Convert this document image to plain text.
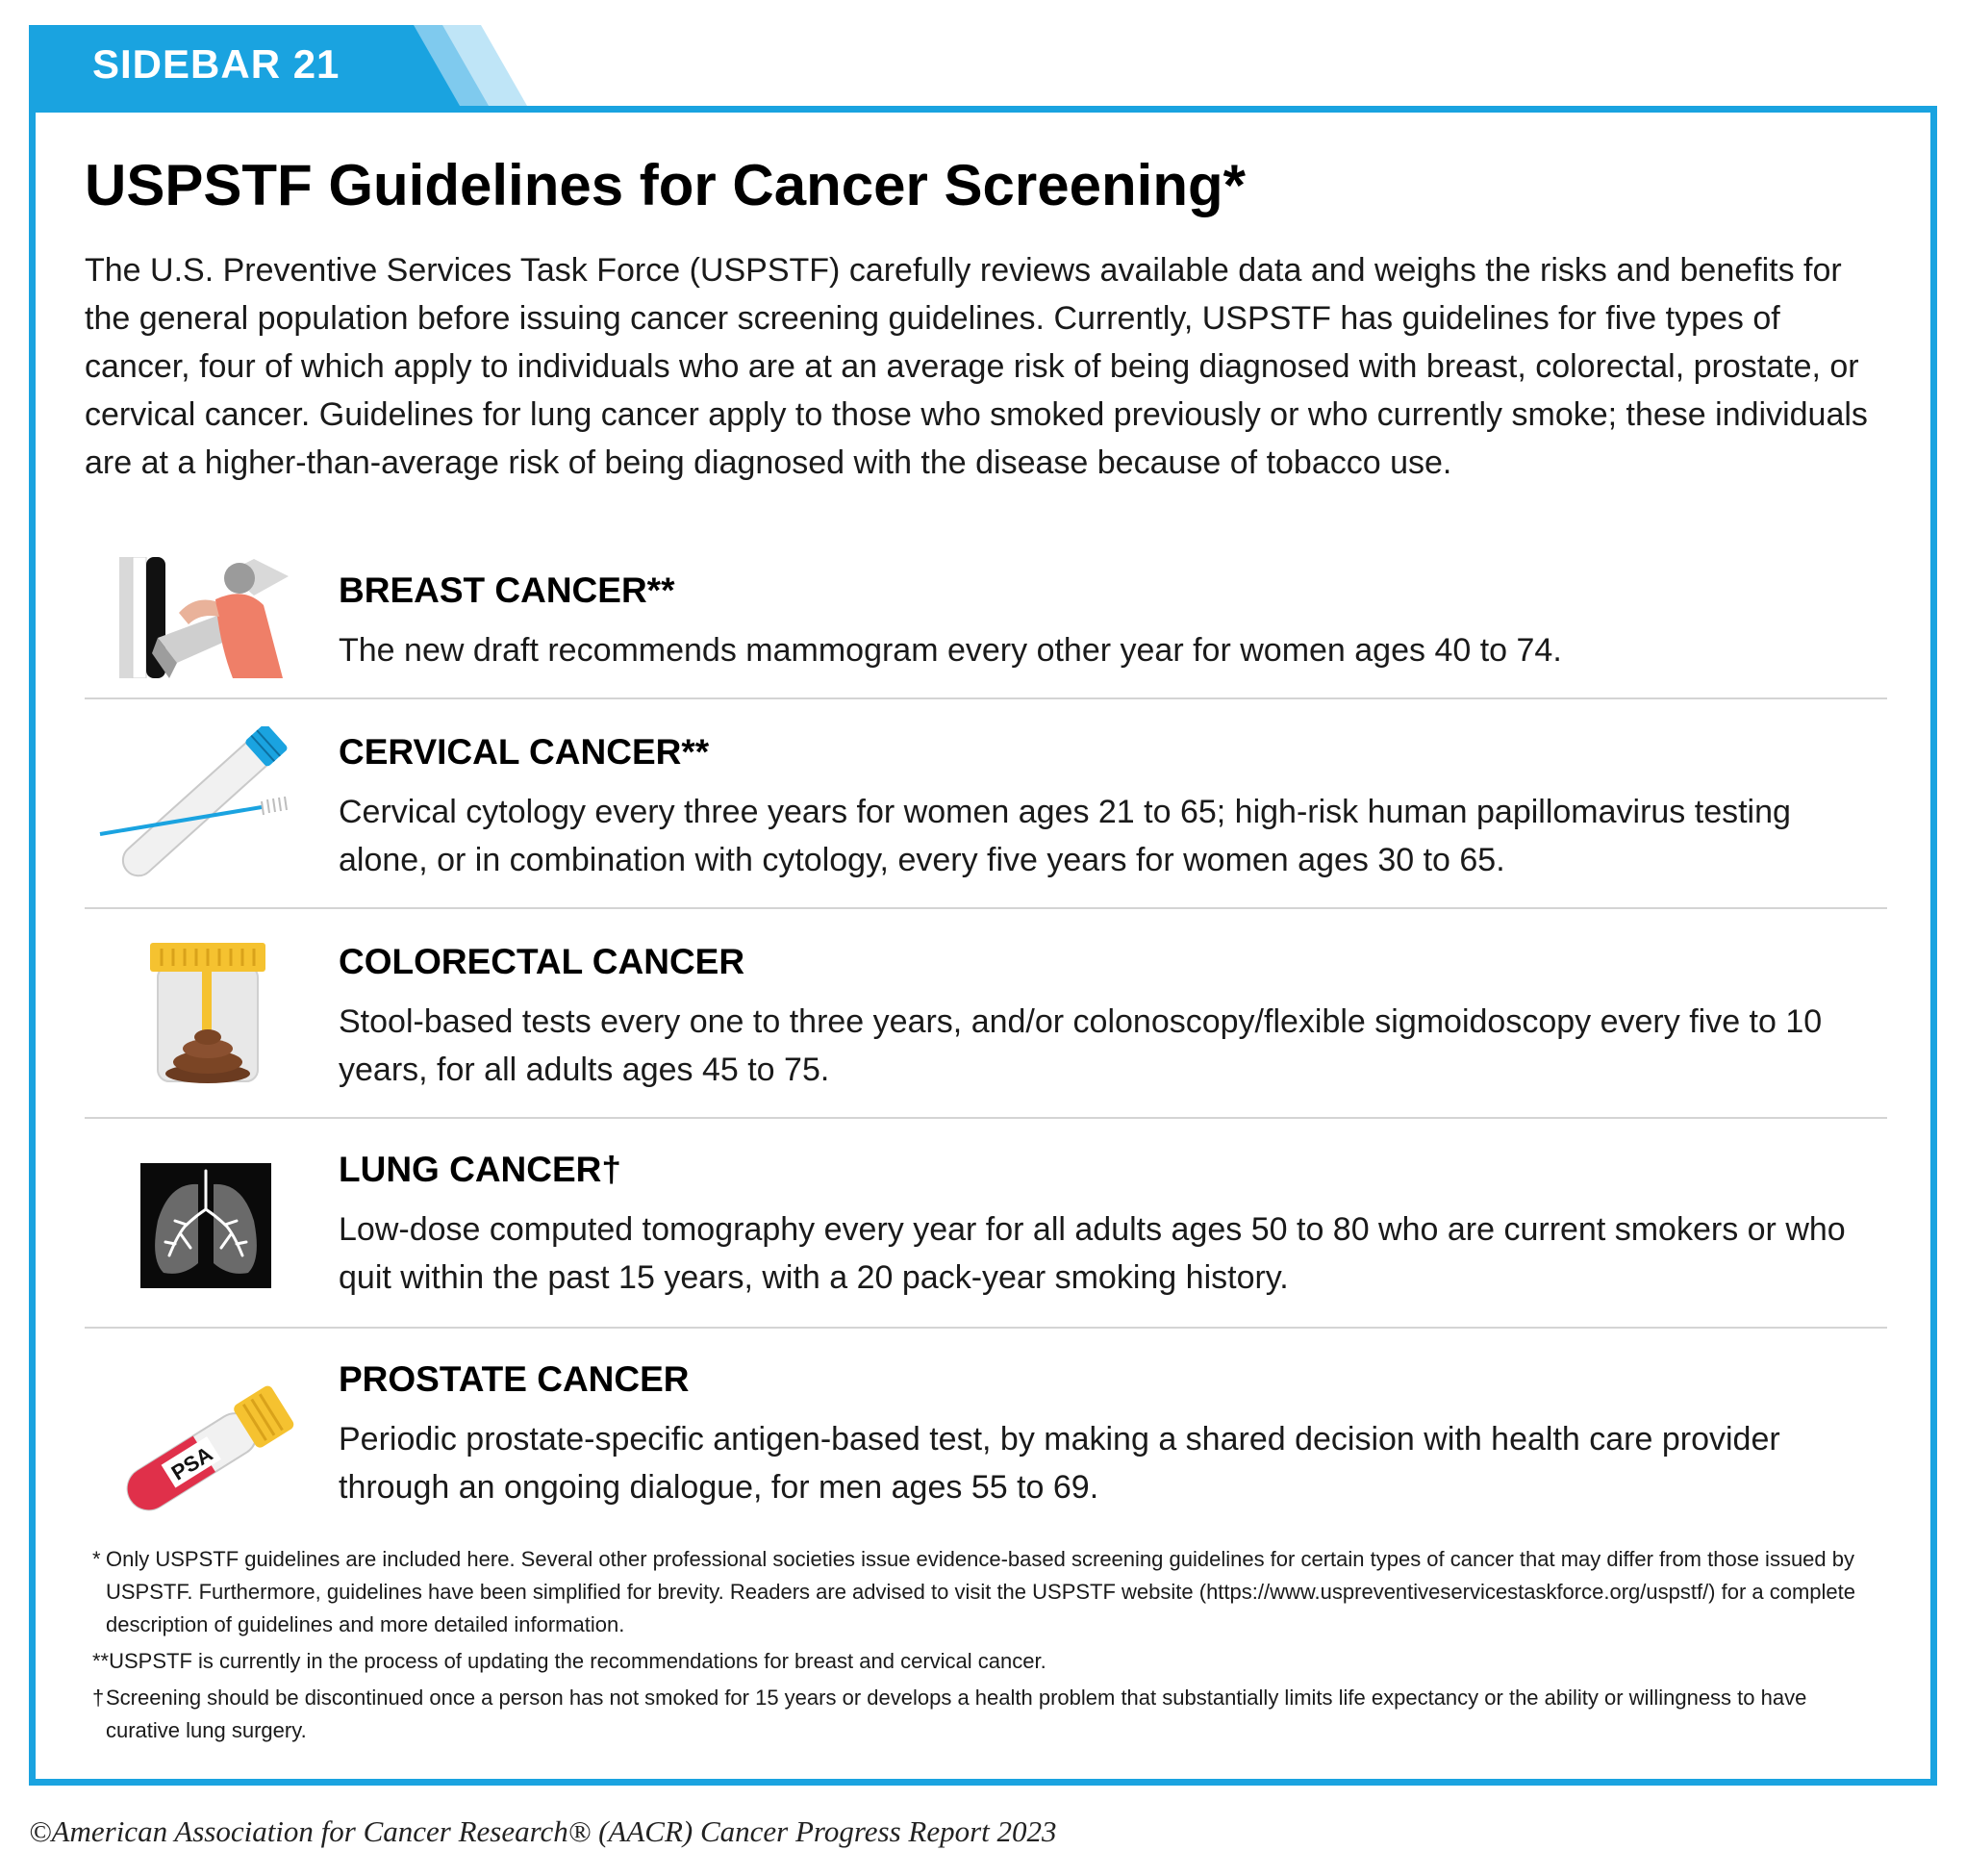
SIDEBAR 21
USPSTF Guidelines for Cancer Screening*
The U.S. Preventive Services Task Force (USPSTF) carefully reviews available data and weighs the risks and benefits for the general population before issuing cancer screening guidelines. Currently, USPSTF has guidelines for five types of cancer, four of which apply to individuals who are at an average risk of being diagnosed with breast, colorectal, prostate, or cervical cancer. Guidelines for lung cancer apply to those who smoked previously or who currently smoke; these individuals are at a higher-than-average risk of being diagnosed with the disease because of tobacco use.
BREAST CANCER**
The new draft recommends mammogram every other year for women ages 40 to 74.
CERVICAL CANCER**
Cervical cytology every three years for women ages 21 to 65; high-risk human papillomavirus testing alone, or in combination with cytology, every five years for women ages 30 to 65.
COLORECTAL CANCER
Stool-based tests every one to three years, and/or colonoscopy/flexible sigmoidoscopy every five to 10 years, for all adults ages 45 to 75.
LUNG CANCER†
Low-dose computed tomography every year for all adults ages 50 to 80 who are current smokers or who quit within the past 15 years, with a 20 pack-year smoking history.
PSA
PROSTATE CANCER
Periodic prostate-specific antigen-based test, by making a shared decision with health care provider through an ongoing dialogue, for men ages 55 to 69.
* Only USPSTF guidelines are included here. Several other professional societies issue evidence-based screening guidelines for certain types of cancer that may differ from those issued by USPSTF. Furthermore, guidelines have been simplified for brevity. Readers are advised to visit the USPSTF website (https://www.uspreventiveservicestaskforce.org/uspstf/) for a complete description of guidelines and more detailed information.
**USPSTF is currently in the process of updating the recommendations for breast and cervical cancer.
† Screening should be discontinued once a person has not smoked for 15 years or develops a health problem that substantially limits life expectancy or the ability or willingness to have curative lung surgery.
©American Association for Cancer Research® (AACR) Cancer Progress Report 2023
